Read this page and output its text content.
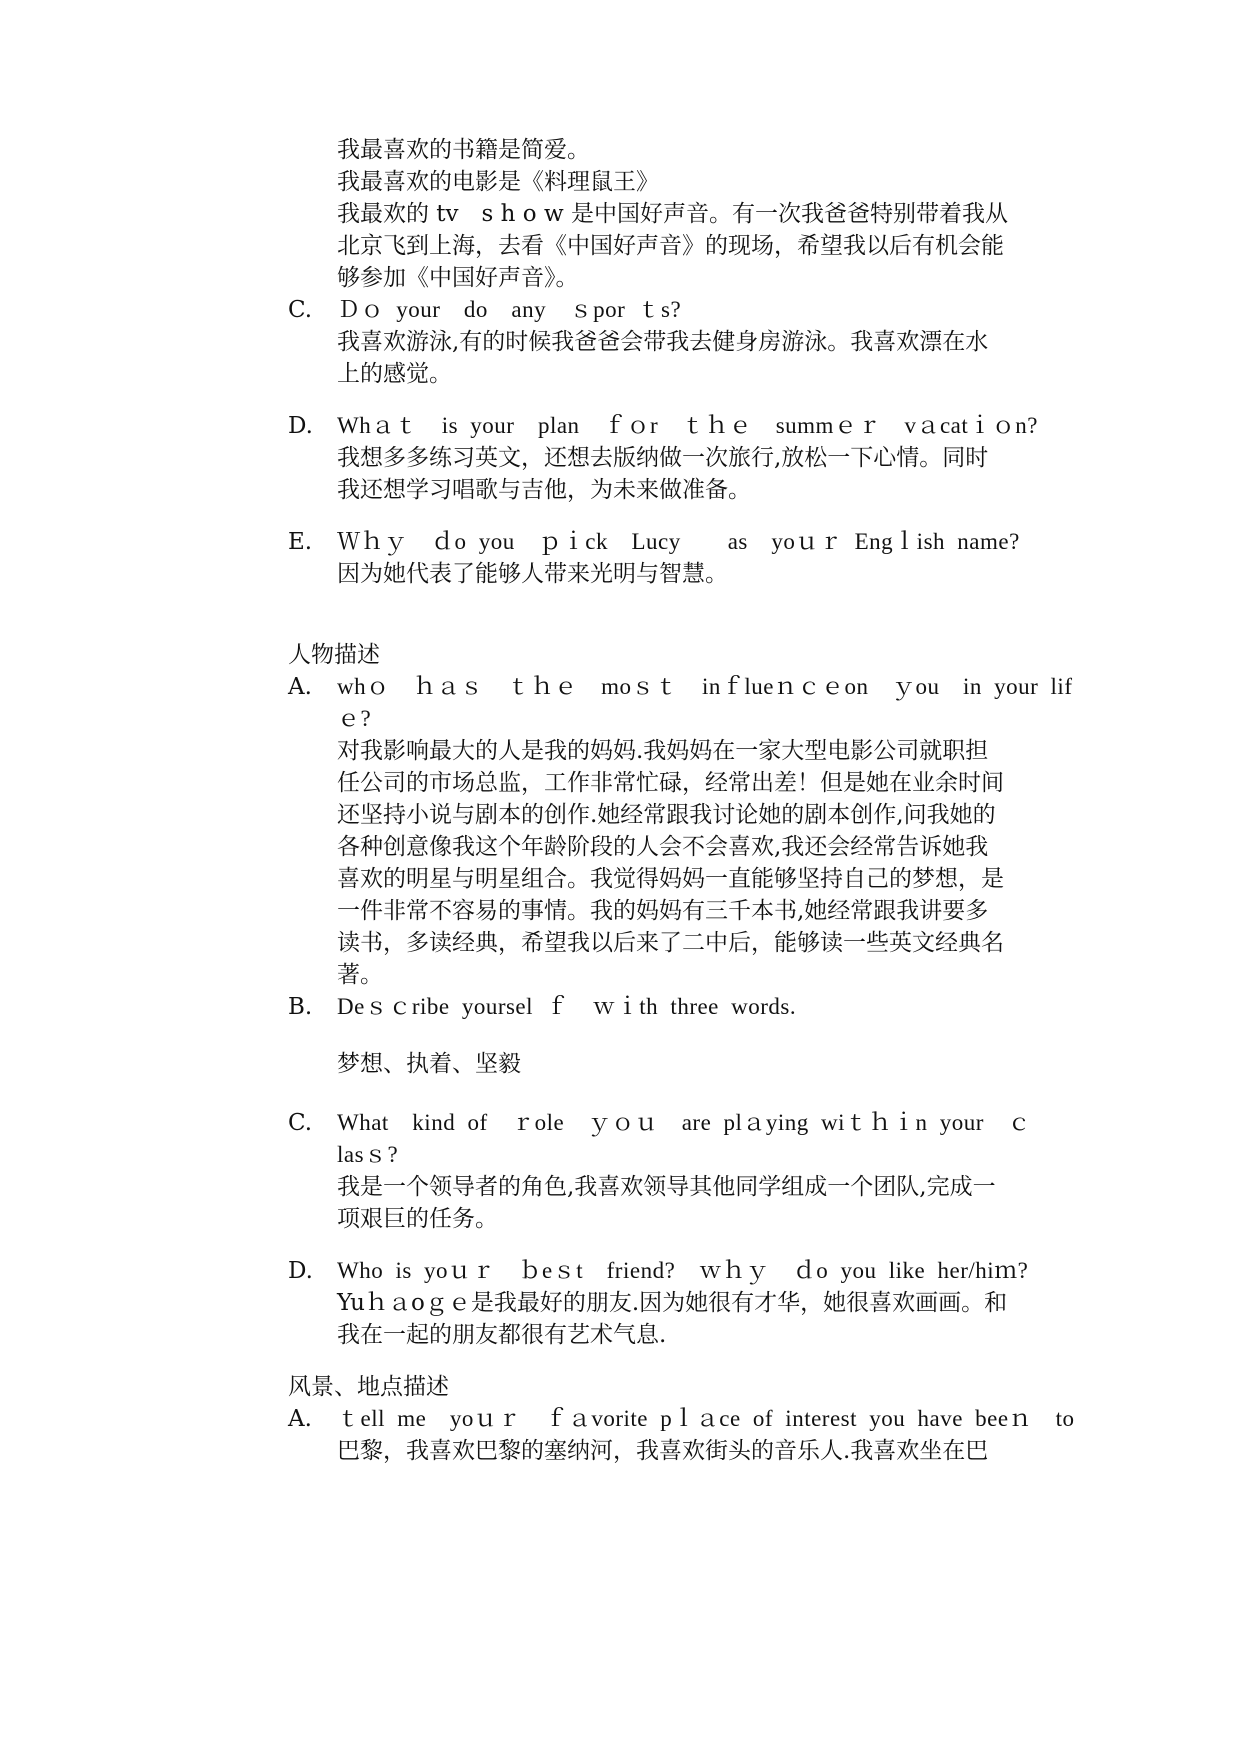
我最喜欢的书籍是简爱。
我最喜欢的电影是《料理鼠王》
我最欢的 tv　s h o w 是中国好声音。有一次我爸爸特别带着我从
北京飞到上海，去看《中国好声音》的现场，希望我以后有机会能
够参加《中国好声音》。
C. Ｄｏ your　do　any　ｓpor ｔs?
我喜欢游泳,有的时候我爸爸会带我去健身房游泳。我喜欢漂在水
上的感觉。
D. Whａｔ　is your　plan　ｆｏr　ｔｈｅ　summｅｒ　vａcatｉｏn?
我想多多练习英文，还想去版纳做一次旅行,放松一下心情。同时
我还想学习唱歌与吉他，为未来做准备。
E. Ｗｈｙ　ｄo you　ｐｉck　Lucy　　as　yoｕｒ Engｌish name?
因为她代表了能够人带来光明与智慧。
人物描述
A. whｏ　ｈａｓ　ｔｈｅ　moｓｔ　inｆlueｎｃｅon　ｙou　in your lif
ｅ?
对我影响最大的人是我的妈妈.我妈妈在一家大型电影公司就职担
任公司的市场总监，工作非常忙碌，经常出差！但是她在业余时间
还坚持小说与剧本的创作.她经常跟我讨论她的剧本创作,问我她的
各种创意像我这个年龄阶段的人会不会喜欢,我还会经常告诉她我
喜欢的明星与明星组合。我觉得妈妈一直能够坚持自己的梦想，是
一件非常不容易的事情。我的妈妈有三千本书,她经常跟我讲要多
读书，多读经典，希望我以后来了二中后，能够读一些英文经典名
著。
B. Deｓｃribe yoursel ｆ　ｗｉth three words.
梦想、执着、坚毅
C. What　kind of　ｒole　ｙｏｕ　are plａying wiｔｈｉn your　ｃ
lasｓ?
我是一个领导者的角色,我喜欢领导其他同学组成一个团队,完成一
项艰巨的任务。
D. Who is yoｕｒ　ｂeｓt　friend?　ｗｈｙ　ｄo you like her/hiｍ?
Yuｈａoｇｅ是我最好的朋友.因为她很有才华，她很喜欢画画。和
我在一起的朋友都很有艺术气息.
风景、地点描述
A. ｔell me　yoｕｒ　ｆａvorite pｌａce of interest you have beeｎ　to
巴黎，我喜欢巴黎的塞纳河，我喜欢街头的音乐人.我喜欢坐在巴
